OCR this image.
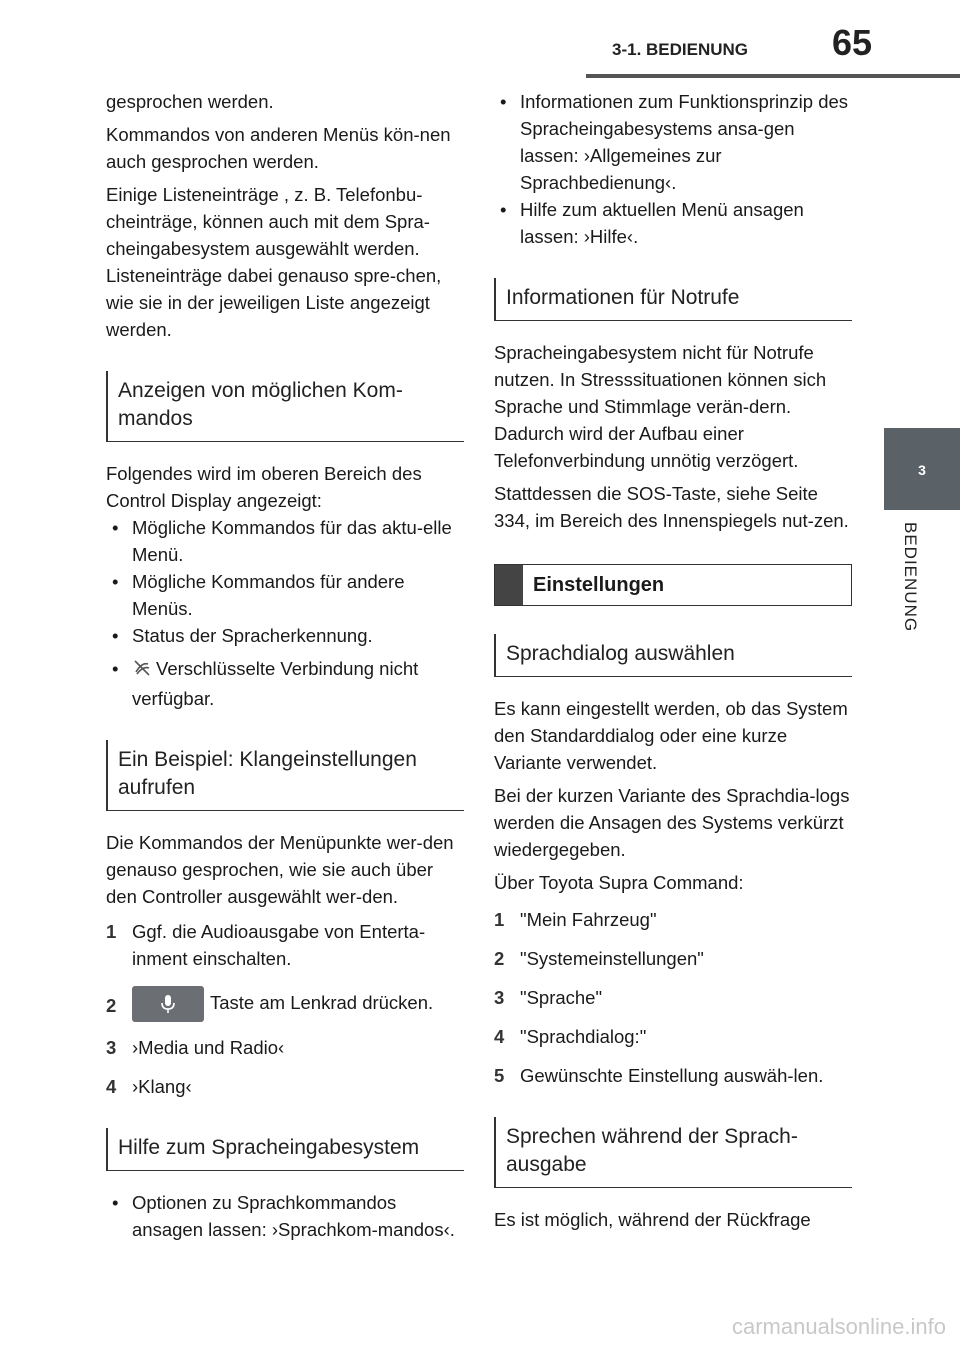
3-1. BEDIENUNG	65
3
BEDIENUNG

gesprochen werden.

Kommandos von anderen Menüs kön-nen auch gesprochen werden.

Einige Listeneinträge , z. B. Telefonbu-cheinträge, können auch mit dem Spra-cheingabesystem ausgewählt werden. Listeneinträge dabei genauso spre-chen, wie sie in der jeweiligen Liste angezeigt werden.

Anzeigen von möglichen Kom-mandos

Folgendes wird im oberen Bereich des Control Display angezeigt:

• Mögliche Kommandos für das aktu-elle Menü.
• Mögliche Kommandos für andere Menüs.
• Status der Spracherkennung.
• Verschlüsselte Verbindung nicht verfügbar.
Ein Beispiel: Klangeinstellungen aufrufen

Die Kommandos der Menüpunkte wer-den genauso gesprochen, wie sie auch über den Controller ausgewählt wer-den.

1 Ggf. die Audioausgabe von Enterta-inment einschalten.
2	Taste am Lenkrad drücken.
3 ›Media und Radio‹
4 ›Klang‹
Hilfe zum Spracheingabesystem
• Optionen zu Sprachkommandos ansagen lassen: ›Sprachkom-mandos‹.
• Informationen zum Funktionsprinzip des Spracheingabesystems ansa-gen lassen: ›Allgemeines zur Sprachbedienung‹.
• Hilfe zum aktuellen Menü ansagen lassen: ›Hilfe‹.
Informationen für Notrufe

Spracheingabesystem nicht für Notrufe nutzen. In Stresssituationen können sich Sprache und Stimmlage verän-dern. Dadurch wird der Aufbau einer Telefonverbindung unnötig verzögert.

Stattdessen die SOS-Taste, siehe Seite 334, im Bereich des Innenspiegels nut-zen.

Einstellungen
Sprachdialog auswählen

Es kann eingestellt werden, ob das System den Standarddialog oder eine kurze Variante verwendet.

Bei der kurzen Variante des Sprachdia-logs werden die Ansagen des Systems verkürzt wiedergegeben.

Über Toyota Supra Command:

1 "Mein Fahrzeug"
2 "Systemeinstellungen"
3 "Sprache"
4 "Sprachdialog:"
5 Gewünschte Einstellung auswäh-len.
Sprechen während der Sprach-ausgabe

Es ist möglich, während der Rückfrage

carmanualsonline.info
